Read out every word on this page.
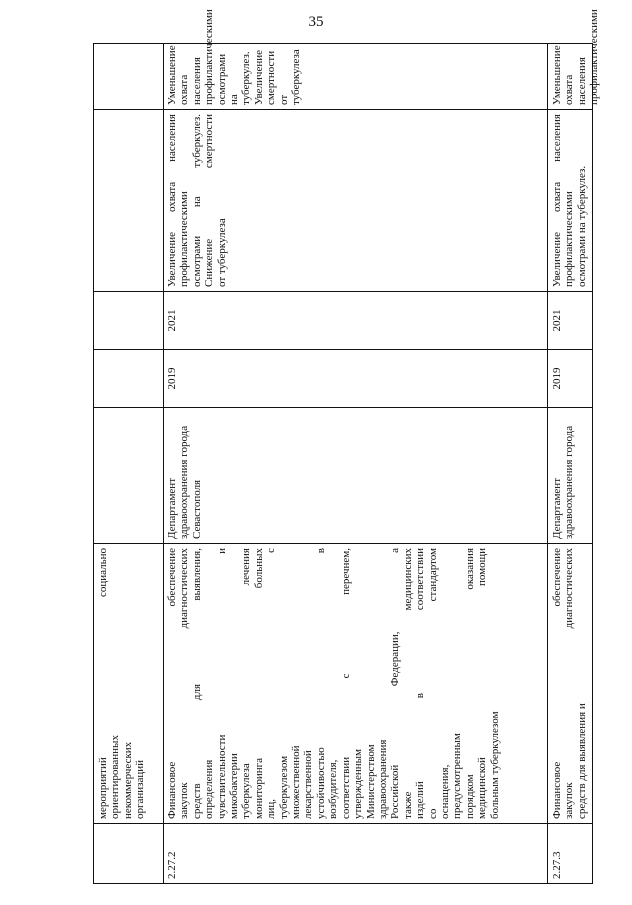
35
мероприятий социально ориентированных некоммерческих организаций
2.27.2
Финансовое обеспечение закупок диагностических средств для выявления, определения чувствительности и микобактерии туберкулеза лечения мониторинга больных лиц, с туберкулезом множественной лекарственной устойчивостью в возбудителя, соответствии с перечнем, утвержденным Министерством здравоохранения Российской Федерации, а также медицинских изделий в соответствии со стандартом оснащения, предусмотренным порядком оказания медицинской помощи больным туберкулезом
Департамент здравоохранения города Севастополя
2019
2021
Увеличение охвата населения профилактическими осмотрами на туберкулез. Снижение смертности от туберкулеза
Уменьшение охвата населения профилактическими осмотрами на туберкулез. Увеличение смертности от туберкулеза
2.27.3
Финансовое обеспечение закупок диагностических средств для выявления и
Департамент здравоохранения города
2019
2021
Увеличение охвата населения профилактическими осмотрами на туберкулез.
Уменьшение охвата населения профилактическими
